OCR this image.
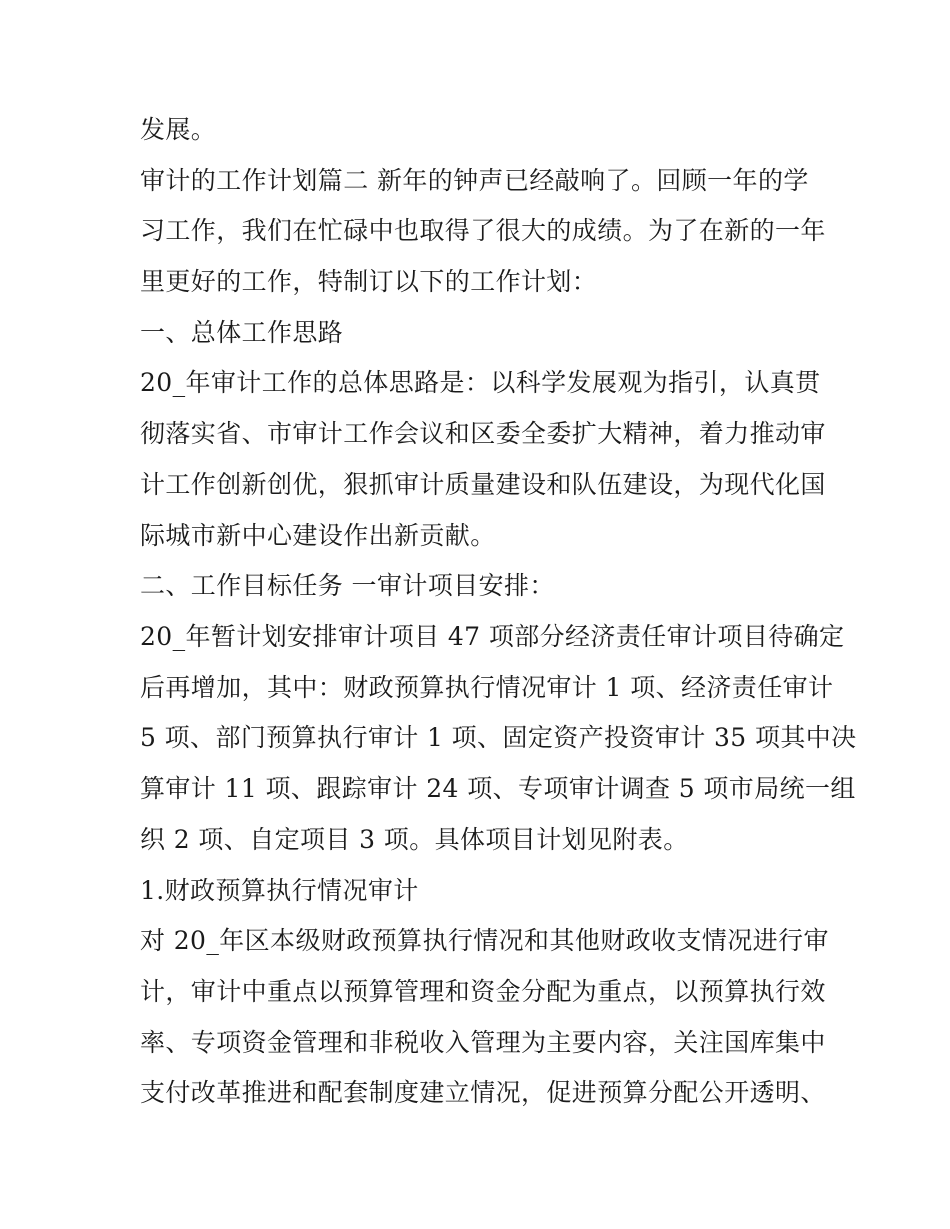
发展。
审计的工作计划篇二 新年的钟声已经敲响了。回顾一年的学
习工作，我们在忙碌中也取得了很大的成绩。为了在新的一年
里更好的工作，特制订以下的工作计划：
一、总体工作思路
20_年审计工作的总体思路是：以科学发展观为指引，认真贯
彻落实省、市审计工作会议和区委全委扩大精神，着力推动审
计工作创新创优，狠抓审计质量建设和队伍建设，为现代化国
际城市新中心建设作出新贡献。
二、工作目标任务 一审计项目安排：
20_年暂计划安排审计项目 47 项部分经济责任审计项目待确定
后再增加，其中：财政预算执行情况审计 1 项、经济责任审计
5 项、部门预算执行审计 1 项、固定资产投资审计 35 项其中决
算审计 11 项、跟踪审计 24 项、专项审计调查 5 项市局统一组
织 2 项、自定项目 3 项。具体项目计划见附表。
1.财政预算执行情况审计
对 20_年区本级财政预算执行情况和其他财政收支情况进行审
计，审计中重点以预算管理和资金分配为重点，以预算执行效
率、专项资金管理和非税收入管理为主要内容，关注国库集中
支付改革推进和配套制度建立情况，促进预算分配公开透明、
